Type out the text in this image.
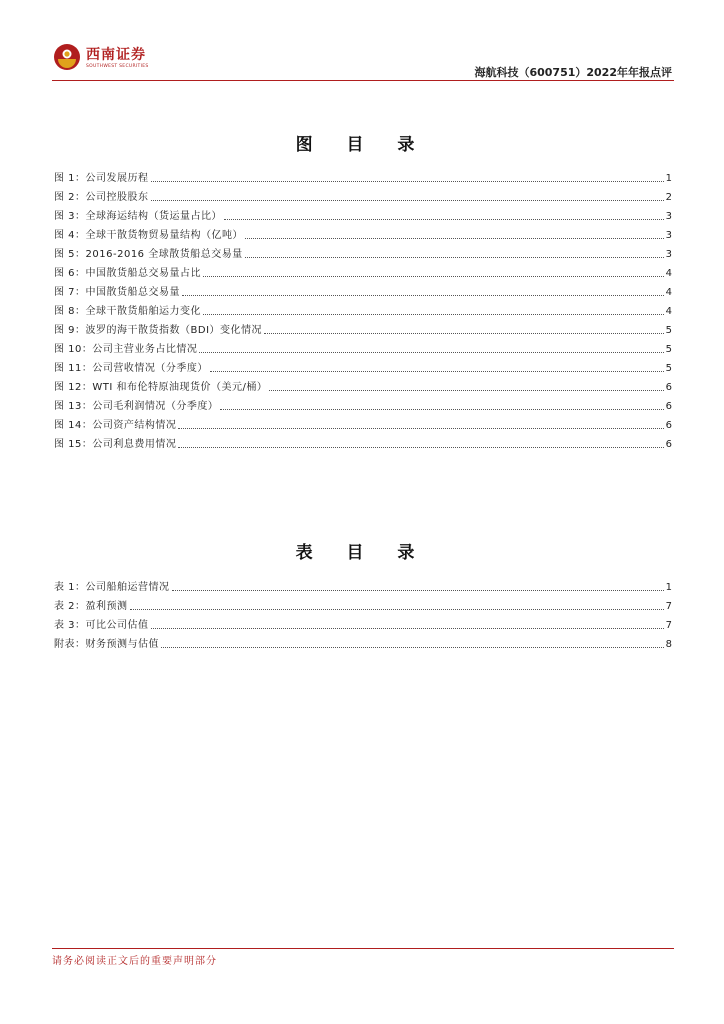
西南证券
SOUTHWEST SECURITIES	海航科技（600751）2022年年报点评
图 目 录
图 1：公司发展历程	1
图 2：公司控股股东	2
图 3：全球海运结构（货运量占比）	3
图 4：全球干散货物贸易量结构（亿吨）	3
图 5：2016-2016 全球散货船总交易量	3
图 6：中国散货船总交易量占比	4
图 7：中国散货船总交易量	4
图 8：全球干散货船舶运力变化	4
图 9：波罗的海干散货指数（BDI）变化情况	5
图 10：公司主营业务占比情况	5
图 11：公司营收情况（分季度）	5
图 12：WTI 和布伦特原油现货价（美元/桶）	6
图 13：公司毛利润情况（分季度）	6
图 14：公司资产结构情况	6
图 15：公司利息费用情况	6
表 目 录
表 1：公司船舶运营情况	1
表 2：盈利预测	7
表 3：可比公司估值	7
附表：财务预测与估值	8
请务必阅读正文后的重要声明部分
